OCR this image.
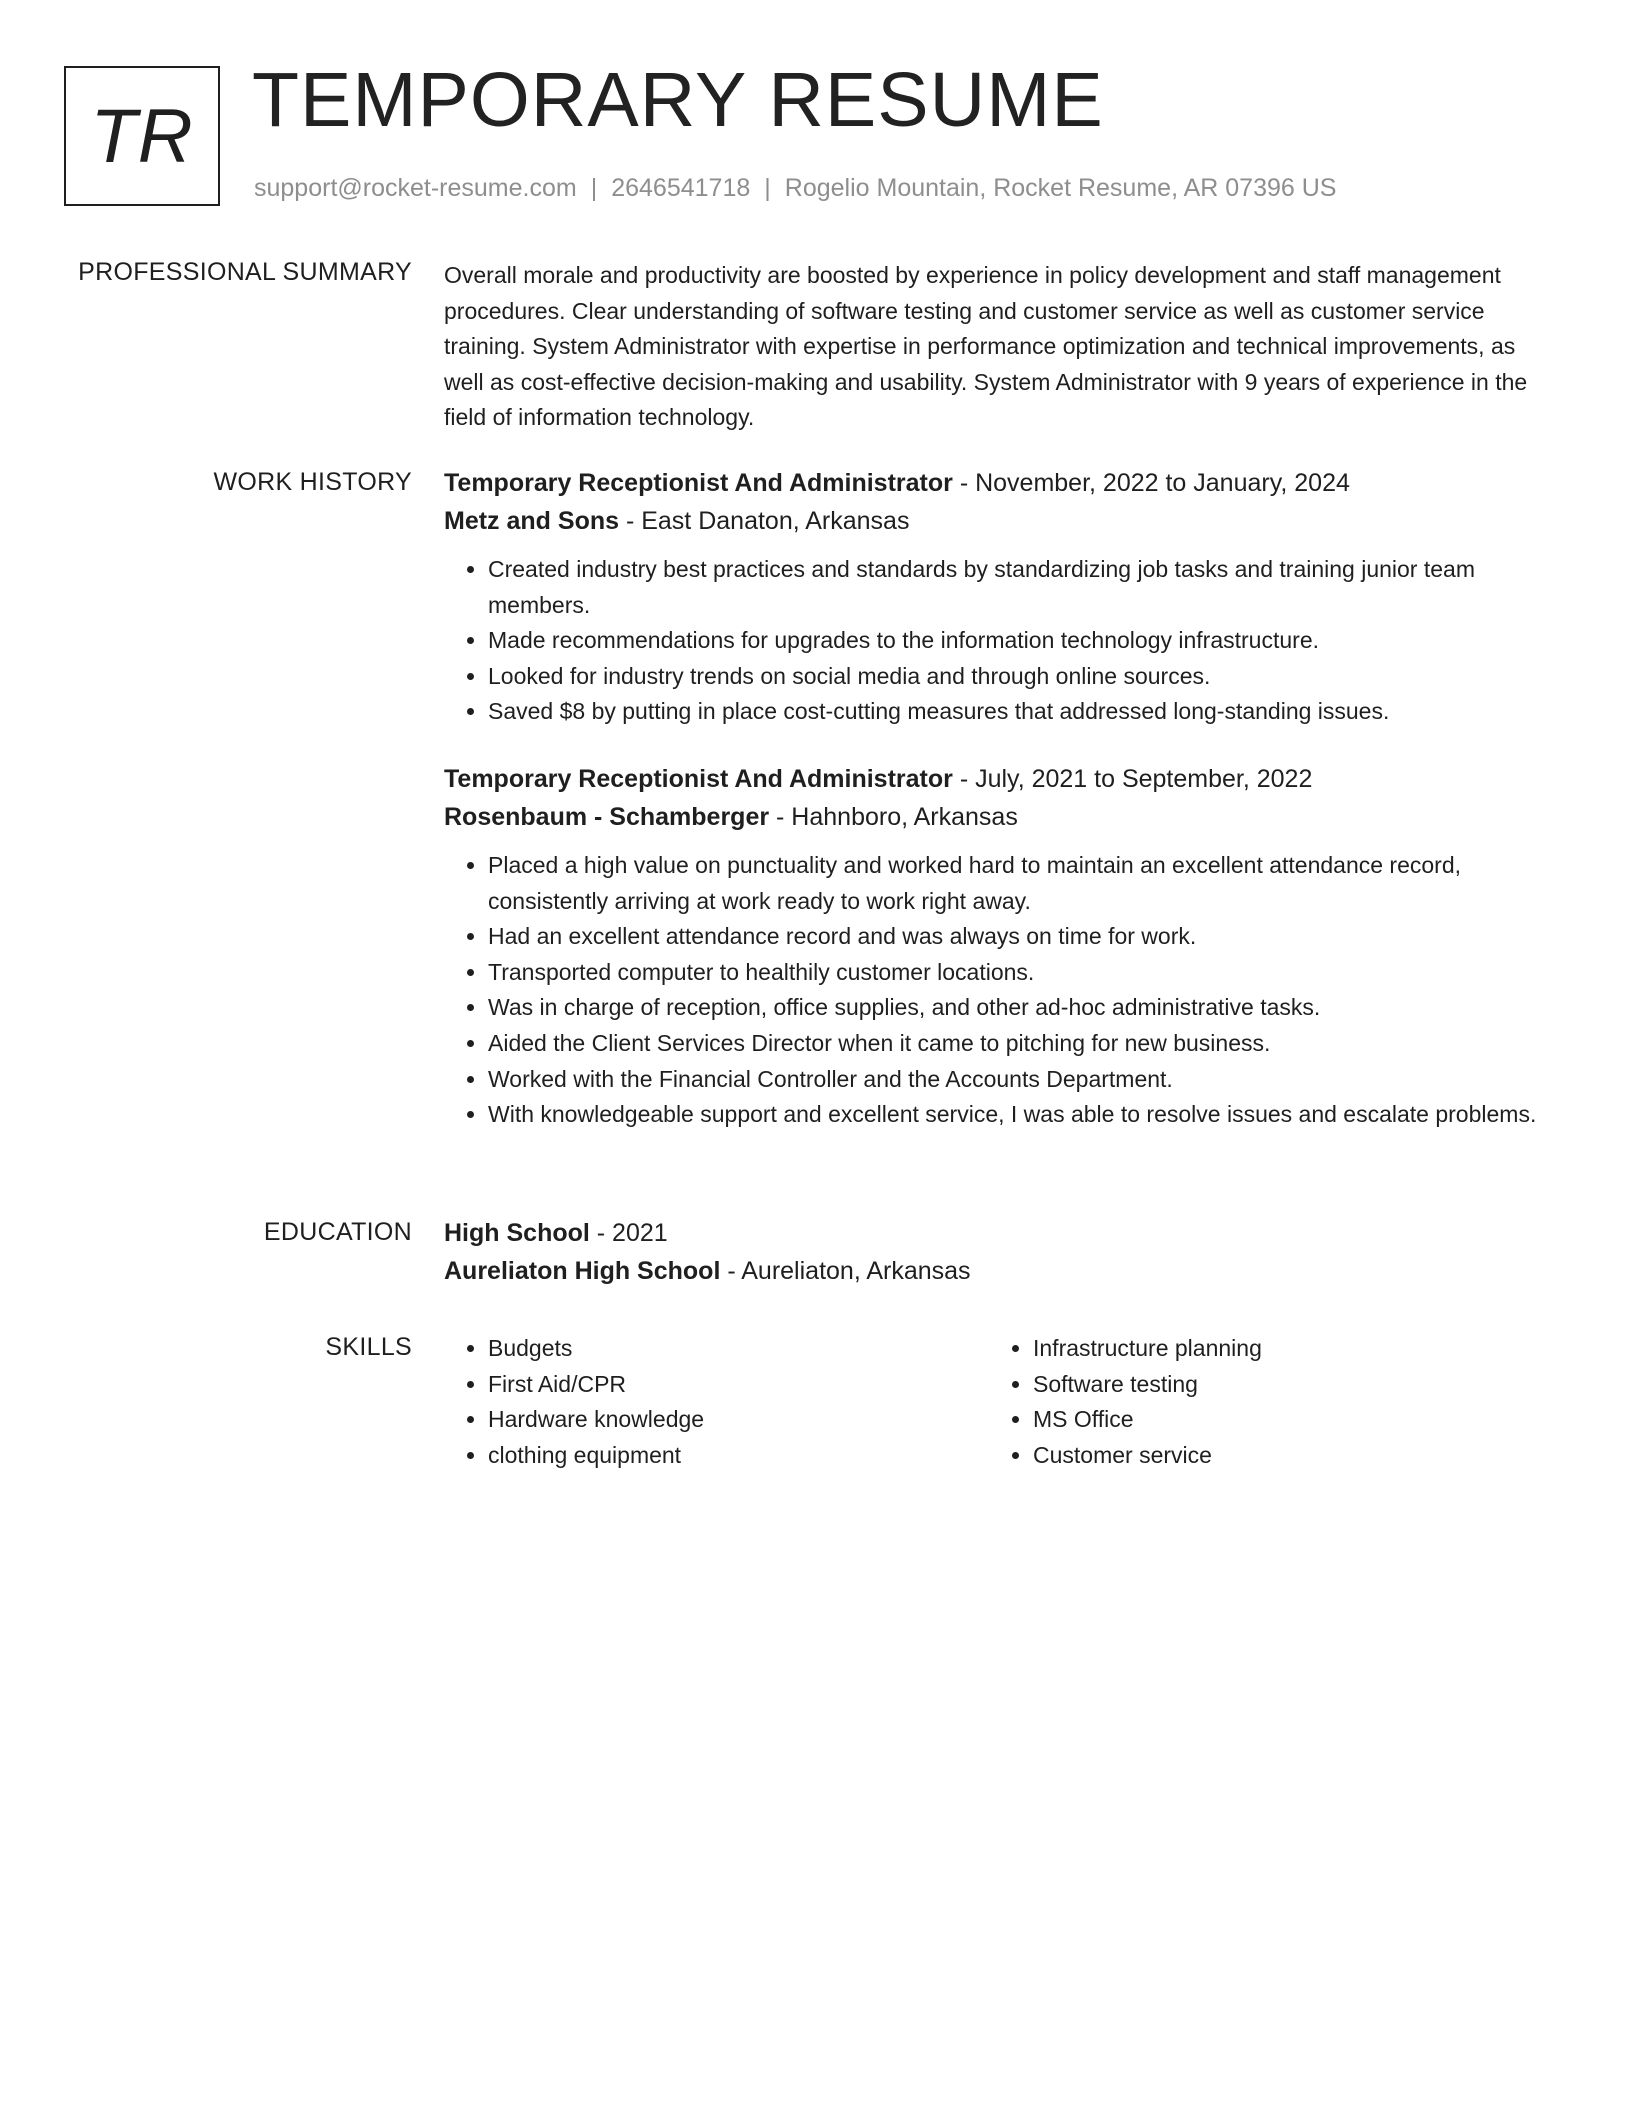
TR TEMPORARY RESUME
support@rocket-resume.com | 2646541718 | Rogelio Mountain, Rocket Resume, AR 07396 US
PROFESSIONAL SUMMARY Overall morale and productivity are boosted by experience in policy development and staff management procedures. Clear understanding of software testing and customer service as well as customer service training. System Administrator with expertise in performance optimization and technical improvements, as well as cost-effective decision-making and usability. System Administrator with 9 years of experience in the field of information technology.

WORK HISTORY Temporary Receptionist And Administrator - November, 2022 to January, 2024
Metz and Sons - East Danaton, Arkansas
• Created industry best practices and standards by standardizing job tasks and training junior team members.
• Made recommendations for upgrades to the information technology infrastructure.
• Looked for industry trends on social media and through online sources.
• Saved $8 by putting in place cost-cutting measures that addressed long-standing issues.
Temporary Receptionist And Administrator - July, 2021 to September, 2022
Rosenbaum - Schamberger - Hahnboro, Arkansas
• Placed a high value on punctuality and worked hard to maintain an excellent attendance record, consistently arriving at work ready to work right away.
• Had an excellent attendance record and was always on time for work.
• Transported computer to healthily customer locations.
• Was in charge of reception, office supplies, and other ad-hoc administrative tasks.
• Aided the Client Services Director when it came to pitching for new business.
• Worked with the Financial Controller and the Accounts Department.
• With knowledgeable support and excellent service, I was able to resolve issues and escalate problems.
EDUCATION High School - 2021
Aureliaton High School - Aureliaton, Arkansas
SKILLS
•	Budgets
• First Aid/CPR
• Hardware knowledge
• clothing equipment
• Infrastructure planning
• Software testing
• MS Office
• Customer service
